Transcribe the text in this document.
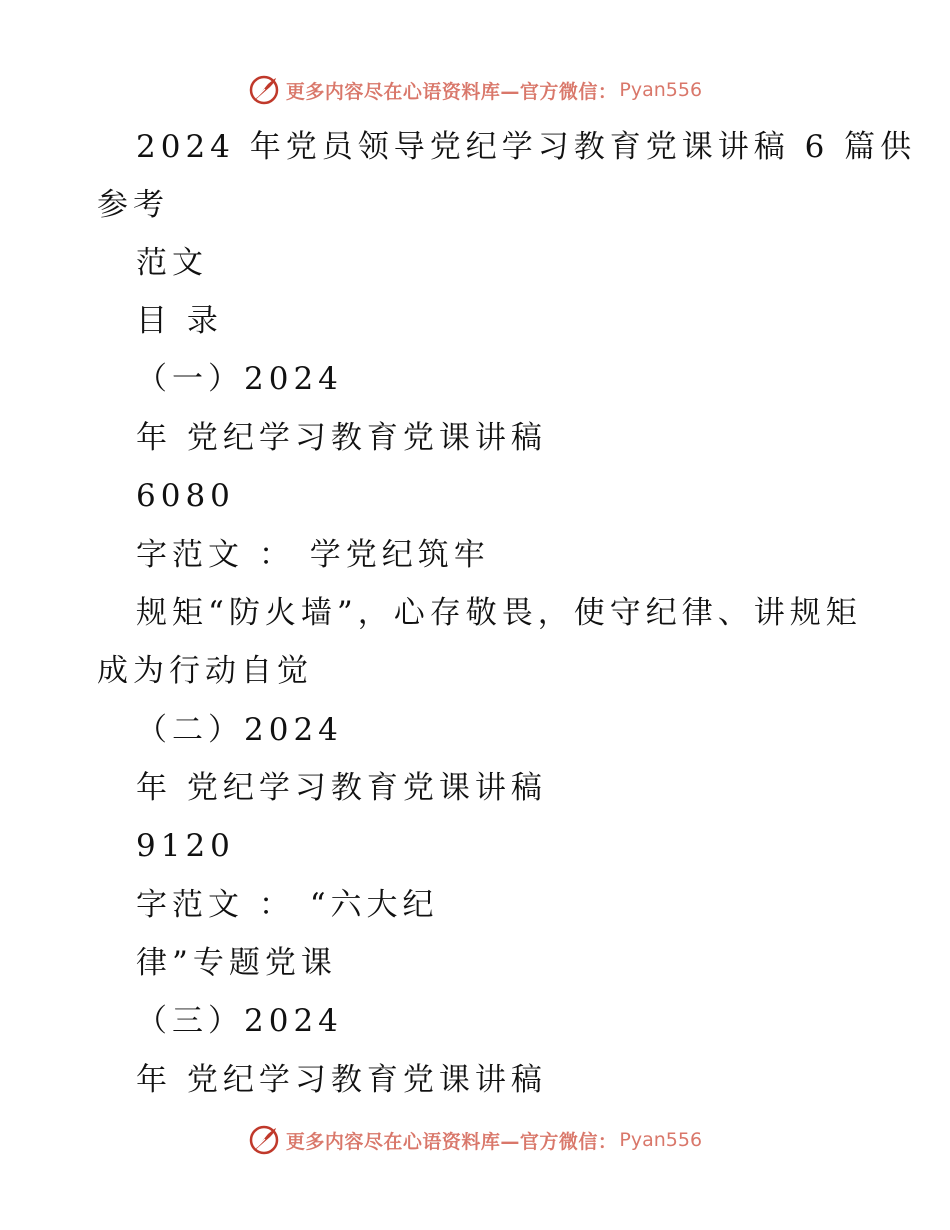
更多内容尽在心语资料库—官方微信： Pyan556
2024 年党员领导党纪学习教育党课讲稿 6 篇供
参考
范文
目 录
（一）2024
年 党纪学习教育党课讲稿
6080
字范文 ： 学党纪筑牢
规矩“防火墙”，心存敬畏，使守纪律、讲规矩
成为行动自觉
（二）2024
年 党纪学习教育党课讲稿
9120
字范文 ： “六大纪
律”专题党课
（三）2024
年 党纪学习教育党课讲稿
更多内容尽在心语资料库—官方微信： Pyan556
